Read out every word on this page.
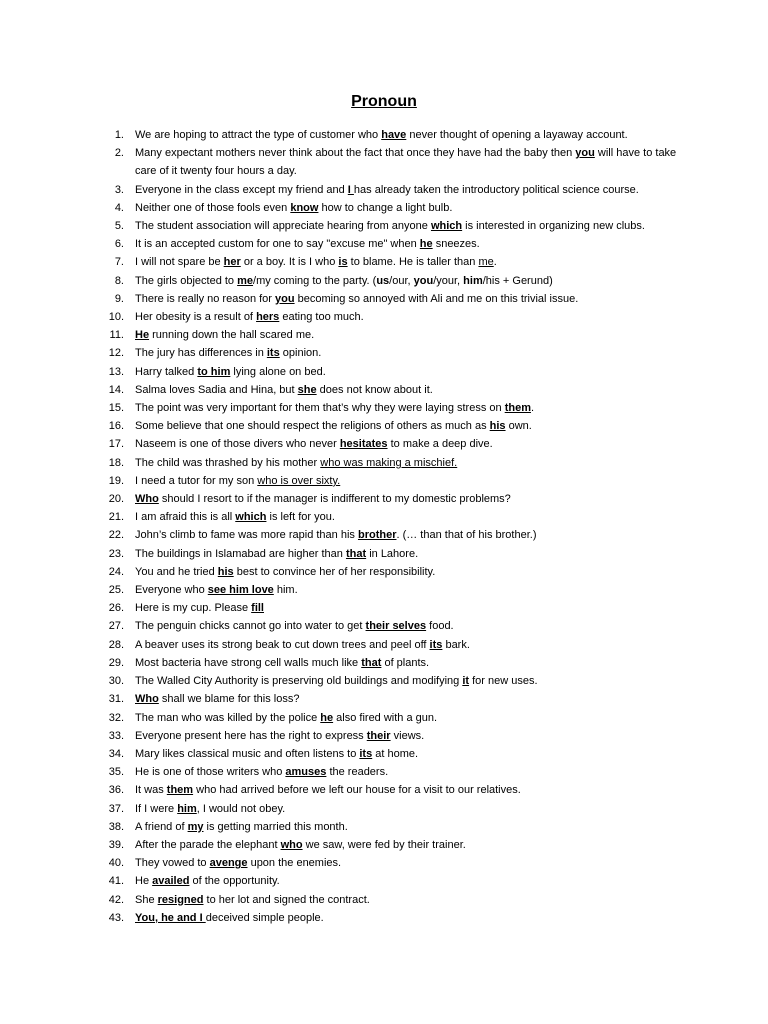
Pronoun
1. We are hoping to attract the type of customer who have never thought of opening a layaway account.
2. Many expectant mothers never think about the fact that once they have had the baby then you will have to take care of it twenty four hours a day.
3. Everyone in the class except my friend and I has already taken the introductory political science course.
4. Neither one of those fools even know how to change a light bulb.
5. The student association will appreciate hearing from anyone which is interested in organizing new clubs.
6. It is an accepted custom for one to say "excuse me" when he sneezes.
7. I will not spare be her or a boy. It is I who is to blame. He is taller than me.
8. The girls objected to me/my coming to the party. (us/our, you/your, him/his + Gerund)
9. There is really no reason for you becoming so annoyed with Ali and me on this trivial issue.
10. Her obesity is a result of hers eating too much.
11. He running down the hall scared me.
12. The jury has differences in its opinion.
13. Harry talked to him lying alone on bed.
14. Salma loves Sadia and Hina, but she does not know about it.
15. The point was very important for them that’s why they were laying stress on them.
16. Some believe that one should respect the religions of others as much as his own.
17. Naseem is one of those divers who never hesitates to make a deep dive.
18. The child was thrashed by his mother who was making a mischief.
19. I need a tutor for my son who is over sixty.
20. Who should I resort to if the manager is indifferent to my domestic problems?
21. I am afraid this is all which is left for you.
22. John’s climb to fame was more rapid than his brother. (… than that of his brother.)
23. The buildings in Islamabad are higher than that in Lahore.
24. You and he tried his best to convince her of her responsibility.
25. Everyone who see him love him.
26. Here is my cup. Please fill
27. The penguin chicks cannot go into water to get their selves food.
28. A beaver uses its strong beak to cut down trees and peel off its bark.
29. Most bacteria have strong cell walls much like that of plants.
30. The Walled City Authority is preserving old buildings and modifying it for new uses.
31. Who shall we blame for this loss?
32. The man who was killed by the police he also fired with a gun.
33. Everyone present here has the right to express their views.
34. Mary likes classical music and often listens to its at home.
35. He is one of those writers who amuses the readers.
36. It was them who had arrived before we left our house for a visit to our relatives.
37. If I were him, I would not obey.
38. A friend of my is getting married this month.
39. After the parade the elephant who we saw, were fed by their trainer.
40. They vowed to avenge upon the enemies.
41. He availed of the opportunity.
42. She resigned to her lot and signed the contract.
43. You, he and I deceived simple people.
